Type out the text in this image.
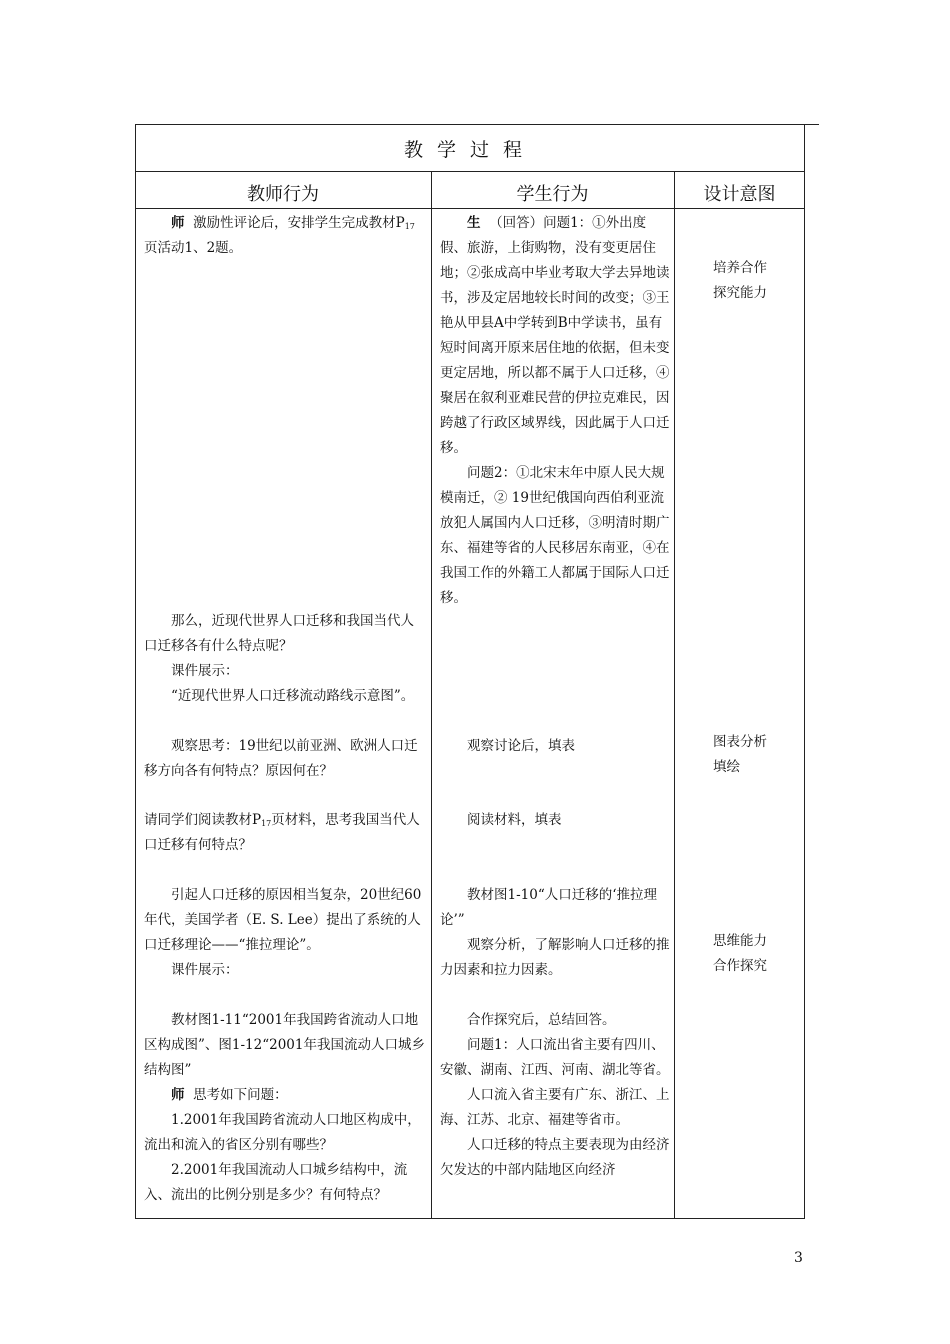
教学过程
教师行为	学生行为	设计意图

师 激励性评论后，安排学生完成教材$P_{17}$页活动1、2题。

那么，近现代世界人口迁移和我国当代人口迁移各有什么特点呢？

课件展示：

“近现代世界人口迁移流动路线示意图”。

观察思考：19世纪以前亚洲、欧洲人口迁移方向各有何特点？原因何在？

请同学们阅读教材$P_{17}$页材料，思考我国当代人口迁移有何特点？

引起人口迁移的原因相当复杂，20世纪60年代，美国学者（E. S. Lee）提出了系统的人口迁移理论——“推拉理论”。

课件展示：

教材图1-11“2001年我国跨省流动人口地区构成图”、图1-12“2001年我国流动人口城乡结构图”

师 思考如下问题：

1.2001年我国跨省流动人口地区构成中，流出和流入的省区分别有哪些？

2.2001年我国流动人口城乡结构中，流入、流出的比例分别是多少？有何特点？

生 （回答）问题1：①外出度假、旅游，上街购物，没有变更居住地；②张成高中毕业考取大学去异地读书，涉及定居地较长时间的改变；③王艳从甲县A中学转到B中学读书，虽有短时间离开原来居住地的依据，但未变更定居地，所以都不属于人口迁移，④聚居在叙利亚难民营的伊拉克难民，因跨越了行政区域界线，因此属于人口迁移。

问题2：①北宋末年中原人民大规模南迁，② 19世纪俄国向西伯利亚流放犯人属国内人口迁移，③明清时期广东、福建等省的人民移居东南亚，④在我国工作的外籍工人都属于国际人口迁移。

观察讨论后，填表

阅读材料，填表

教材图1-10“人口迁移的‘推拉理论’”

观察分析，了解影响人口迁移的推力因素和拉力因素。

合作探究后，总结回答。

问题1：人口流出省主要有四川、安徽、湖南、江西、河南、湖北等省。

人口流入省主要有广东、浙江、上海、江苏、北京、福建等省市。

人口迁移的特点主要表现为由经济欠发达的中部内陆地区向经济

培养合作

探究能力

图表分析

填绘

思维能力

合作探究

3
